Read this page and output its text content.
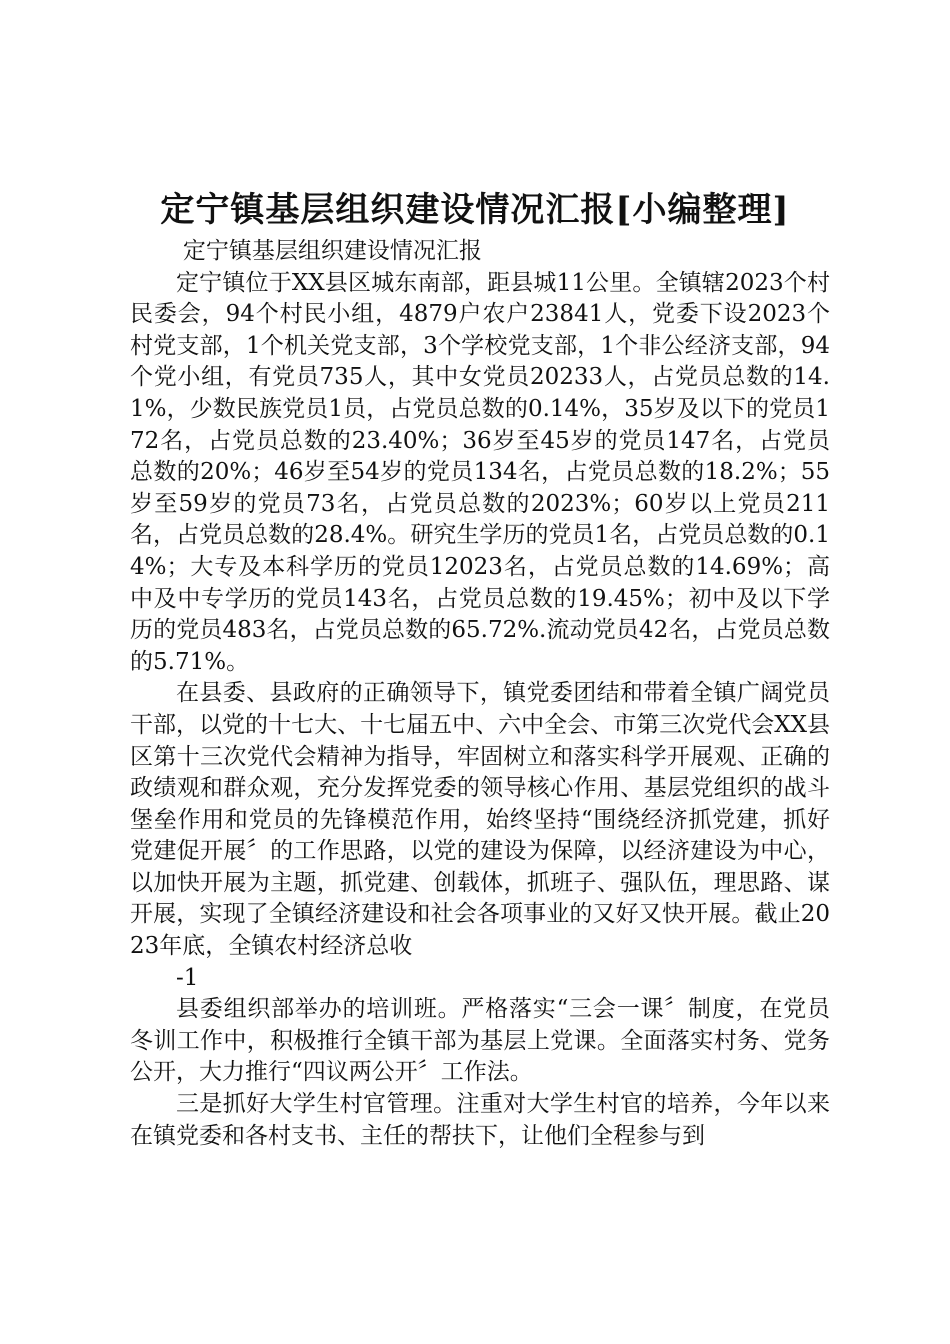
定宁镇基层组织建设情况汇报[小编整理]

定宁镇基层组织建设情况汇报

定宁镇位于XX县区城东南部，距县城11公里。全镇辖2023个村民委会，94个村民小组，4879户农户23841人，党委下设2023个村党支部，1个机关党支部，3个学校党支部，1个非公经济支部，94个党小组，有党员735人，其中女党员20233人，占党员总数的14.1%，少数民族党员1员，占党员总数的0.14%，35岁及以下的党员172名，占党员总数的23.40%；36岁至45岁的党员147名，占党员总数的20%；46岁至54岁的党员134名，占党员总数的18.2%；55岁至59岁的党员73名，占党员总数的2023%；60岁以上党员211名，占党员总数的28.4%。研究生学历的党员1名，占党员总数的0.14%；大专及本科学历的党员12023名，占党员总数的14.69%；高中及中专学历的党员143名，占党员总数的19.45%；初中及以下学历的党员483名，占党员总数的65.72%.流动党员42名，占党员总数的5.71%。

在县委、县政府的正确领导下，镇党委团结和带着全镇广阔党员干部，以党的十七大、十七届五中、六中全会、市第三次党代会XX县区第十三次党代会精神为指导，牢固树立和落实科学开展观、正确的政绩观和群众观，充分发挥党委的领导核心作用、基层党组织的战斗堡垒作用和党员的先锋模范作用，始终坚持“围绕经济抓党建，抓好党建促开展〞的工作思路，以党的建设为保障，以经济建设为中心，以加快开展为主题，抓党建、创载体，抓班子、强队伍，理思路、谋开展，实现了全镇经济建设和社会各项事业的又好又快开展。截止2023年底，全镇农村经济总收

-1

县委组织部举办的培训班。严格落实“三会一课〞制度，在党员冬训工作中，积极推行全镇干部为基层上党课。全面落实村务、党务公开，大力推行“四议两公开〞工作法。

三是抓好大学生村官管理。注重对大学生村官的培养，今年以来在镇党委和各村支书、主任的帮扶下，让他们全程参与到
